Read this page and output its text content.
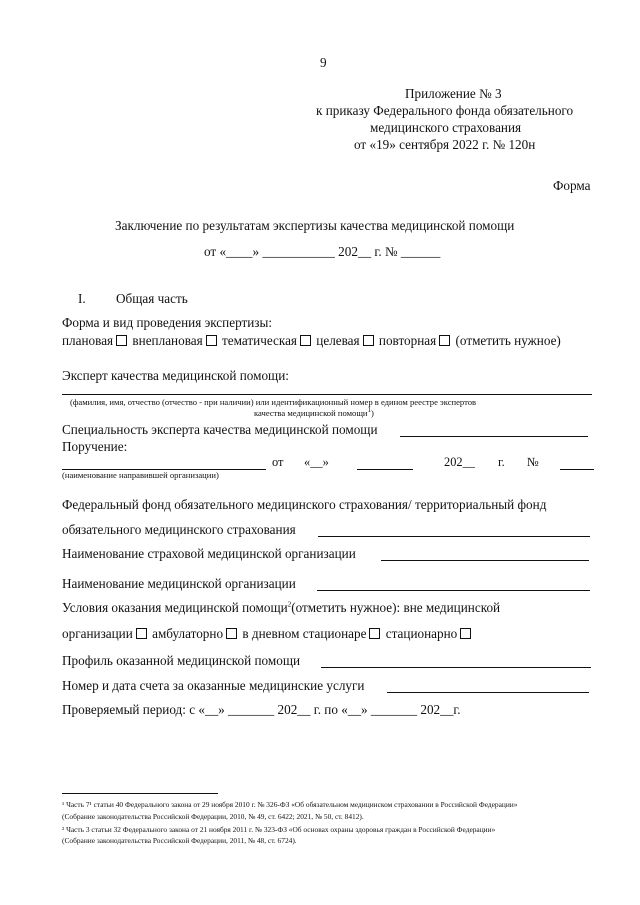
9
Приложение № 3
к приказу Федерального фонда обязательного
медицинского страхования
от «19» сентября 2022 г. № 120н
Форма
Заключение по результатам экспертизы качества медицинской помощи
от «____» ___________ 202__ г. № ______
I. Общая часть
Форма и вид проведения экспертизы:
плановая внеплановая тематическая целевая повторная (отметить нужное)
Эксперт качества медицинской помощи:
(фамилия, имя, отчество (отчество - при наличии) или идентификационный номер в едином реестре экспертов
качества медицинской помощи$^1$)
Специальность эксперта качества медицинской помощи
Поручение:
от «__»	202__ г. №
(наименование направившей организации)
Федеральный фонд обязательного медицинского страхования/ территориальный фонд
обязательного медицинского страхования
Наименование страховой медицинской организации
Наименование медицинской организации
Условия оказания медицинской помощи$^2$(отметить нужное): вне медицинской
организации амбулаторно в дневном стационаре стационарно
Профиль оказанной медицинской помощи
Номер и дата счета за оказанные медицинские услуги
Проверяемый период: с «__» _______ 202__ г. по «__» _______ 202__г.
¹ Часть 7¹ статьи 40 Федерального закона от 29 ноября 2010 г. № 326-ФЗ «Об обязательном медицинском страховании в Российской Федерации»
(Собрание законодательства Российской Федерации, 2010, № 49, ст. 6422; 2021, № 50, ст. 8412).
² Часть 3 статьи 32 Федерального закона от 21 ноября 2011 г. № 323-ФЗ «Об основах охраны здоровья граждан в Российской Федерации»
(Собрание законодательства Российской Федерации, 2011, № 48, ст. 6724).
